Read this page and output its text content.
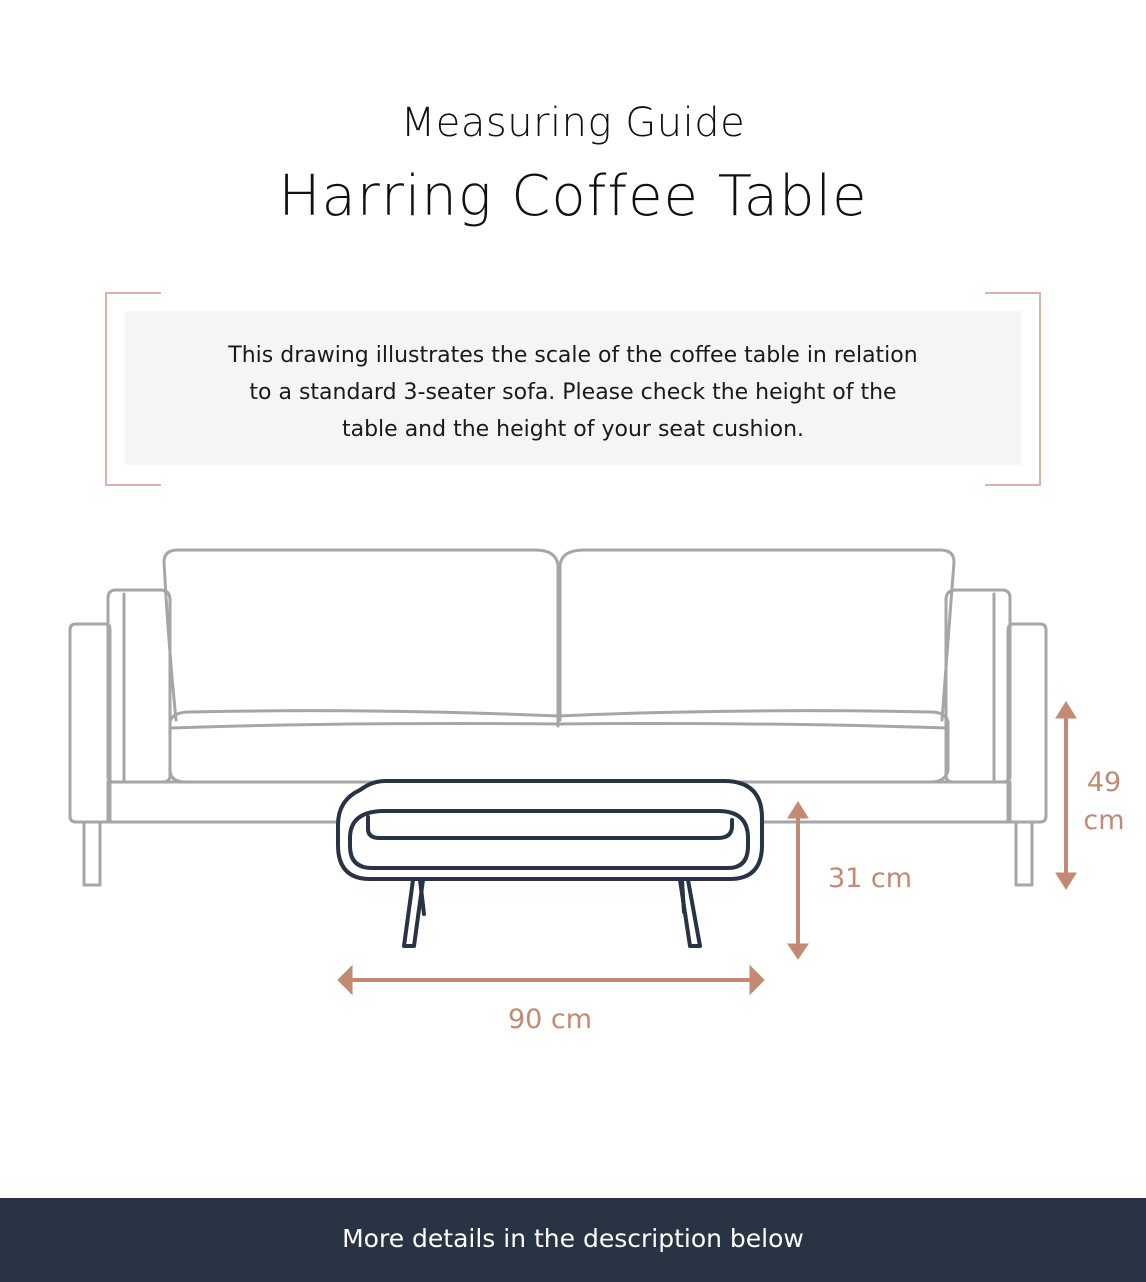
Measuring Guide
Harring Coffee Table
This drawing illustrates the scale of the coffee table in relation
to a standard 3-seater sofa. Please check the height of the
table and the height of your seat cushion.
90 cm
31 cm
49
cm
More details in the description below
